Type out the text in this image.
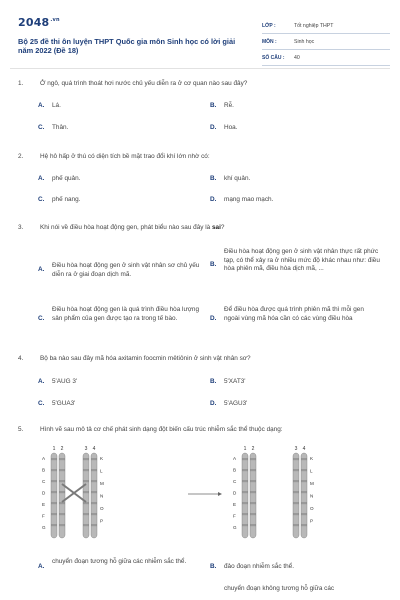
$2048^{.vn}$
Bộ 25 đề thi ôn luyện THPT Quốc gia môn Sinh học có lời giải năm 2022 (Đề 18)
LỚP :	Tốt nghiệp THPT
MÔN :	Sinh học
SỐ CÂU : 40
1.	Ở ngô, quá trình thoát hơi nước chủ yếu diễn ra ở cơ quan nào sau đây?
A. Lá.	B. Rễ.
C. Thân.	D. Hoa.
2.	Hệ hô hấp ở thú có diện tích bề mặt trao đổi khí lớn nhờ có:
A. phế quản.	B. khí quản.
C. phế nang.	D. mạng mao mạch.
3.	Khi nói về điều hòa hoạt động gen, phát biểu nào sau đây là sai?
A.
Điều hòa hoạt động gen ở sinh vật nhân sơ chủ yếu diễn ra ở giai đoạn dịch mã.
B.
Điều hòa hoạt động gen ở sinh vật nhân thực rất phức tạp, có thể xảy ra ở nhiều mức độ khác nhau như: điều hòa phiên mã, điều hòa dịch mã, ...
C.
Điều hòa hoạt động gen là quá trình điều hòa lượng sản phẩm của gen được tạo ra trong tế bào.	D.
Để điều hòa được quá trình phiên mã thì mỗi gen ngoài vùng mã hóa cần có các vùng điều hòa
4.	Bộ ba nào sau đây mã hóa axitamin foocmin mêtiônin ở sinh vật nhân sơ?
A. 5'AUG 3'	B. 5'XAT3'
C. 5'GUA3'	D. 5'AGU3'
5.	Hình vẽ sau mô tả cơ chế phát sinh dạng đột biến cấu trúc nhiễm sắc thể thuộc dạng:
A.
chuyển đoạn tương hỗ giữa các nhiễm sắc thể.
B. đảo đoạn nhiễm sắc thể.
chuyển đoạn không tương hỗ giữa các
1 2	3 4
A
B
C
D
E
F
G
K
L
M
N
O
P
1 2	3 4
A
B
C
D
E
F
G
K
L
M
N
O
P
